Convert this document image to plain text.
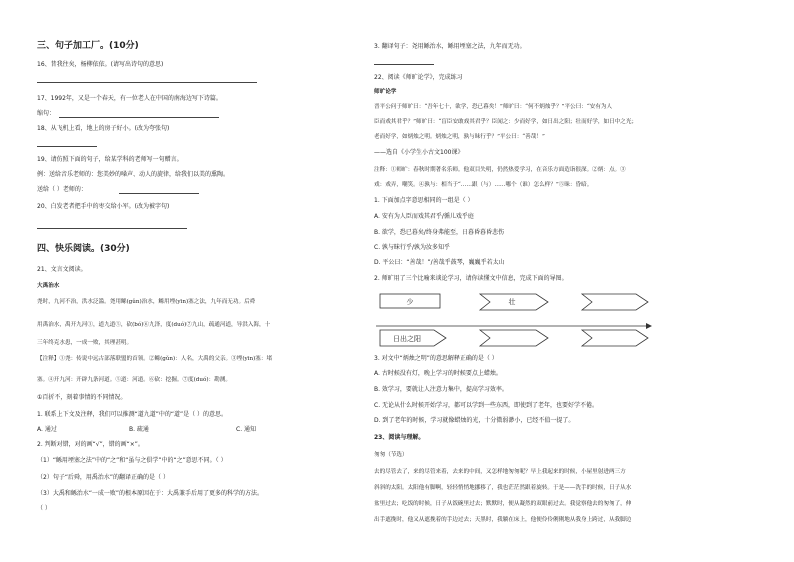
三、句子加工厂。(10分)
16、昔我往矣，杨柳依依。(请写出诗句的意思)
17、1992年，又是一个春天，有一位老人在中国的南海边写下诗篇。
缩句：
18、从飞机上看，地上的房子好小。(改为夸张句)
19、请仿照下面的句子，给某学科的老师写一句赠言。
例：送给音乐老师的：您美妙的嗓声、动人的旋律，给我们以美的熏陶。
送给（ ）老师的：
20、白发老者把手中的枣交给小军。(改为被字句)
四、快乐阅读。(30分)
21、文言文阅读。
大禹治水
尧时，九河不治，洪水泛滥。尧用鲧(gǔn)治水，鲧用堙(yīn)塞之法，九年而无功。后舜
用禹治水，禹开九河①，道九道⑤，砍(bó)⑥九泽，度(duó)⑦九山，疏通河道，导洪入海，十
三年终克水患，一成一败，其理甚明。
【注释】①尧：传说中远古部落联盟的首领。②鲧(gǔn)：人名，大禹的父亲。③堙(yīn)塞：堵
塞。④开九河：开辟九条河道。⑤道：河道。⑥砍：挖掘。⑦度(duó)：勘测。
①百折不，刻着事情的不同情况。
1. 联系上下文及注释，我们可以推测“道九道”中的“道”是（ ）的意思。
A. 通过	B. 疏通	C. 通知
2. 判断对错，对的画“√”，错的画“×”。
（1）“鲧用堙塞之法”中的“之”和“虽与之俱学”中的“之”意思不同。（ ）
（2）句子“后舜，用禹治水”的翻译正确的是（ ）
（3）大禹和鲧治水“一成一败”的根本原因在于：大禹兼手后用了更多的科学的方法。
（ ）
3. 翻译句子：尧用鲧治水，鲧用堙塞之法，九年而无功。
22、阅读《师旷论学》，完成练习
师旷论学
晋平公问于师旷曰：“吾年七十，欲学，恐已暮矣！”师旷曰：“何不炳烛乎？”平公曰：“安有为人
臣而戏其君乎？”师旷曰：“盲臣安敢戏其君乎？臣闻之：少而好学，如日出之阳；壮而好学，如日中之光；
老而好学，如炳烛之明。炳烛之明，孰与昧行乎？”平公曰：“善哉！”
——选自《小学生小古文100课》
注释：①师旷：春秋时期著名乐师。他双目失明，仍然热爱学习，在音乐方面造诣很深。②炳：点。③
戏：戏弄，嘲笑。④孰与：相当于“……跟（与）……哪个（谁）怎么样？”⑤昧：昏暗。
1. 下面加点字意思相同的一组是（ ）
A. 安有为人臣而戏其君乎/循儿戏乎庭
B. 欲学，恐已暮矣/终身弗能至，日暮昏暮昏悲伤
C. 孰与昧行乎/孰为汝多知乎
D. 平公曰：“善哉！”/善哉乎鼓琴，巍巍乎若太山
2. 师旷用了三个比喻来谈论学习，请你读懂文中信息，完成下面的导图。
少
日出之阳
壮
3. 对文中“炳烛之明”的意思解释正确的是（ ）
A. 古时候没有灯，晚上学习的时候要点上蜡烛。
B. 效学习，要就让人注意力集中，提高学习效率。
C. 无论从什么时候开始学习，都可以学到一些东西，即使到了老年，也要好学不倦。
D. 到了老年的时候，学习就像蜡烛的光，十分微弱渺小，已经不值一提了。
23、阅读与理解。
匆匆（节选）
去的尽管去了，来的尽管来着，去来的中间，又怎样地匆匆呢？早上我起来的时候，小屋里射进两三方
斜斜的太阳。太阳他有脚啊，轻轻悄悄地挪移了，我也茫茫然跟着旋转。于是——洗手的时候，日子从水
盆里过去；吃饭的时候，日子从饭碗里过去；默默时，便从凝然的双眼前过去。我觉察他去的匆匆了，伸
出手遮挽时，他又从遮挽着的手边过去；天黑时，我躺在床上，他便伶伶俐俐地从我身上跨过，从我脚边
